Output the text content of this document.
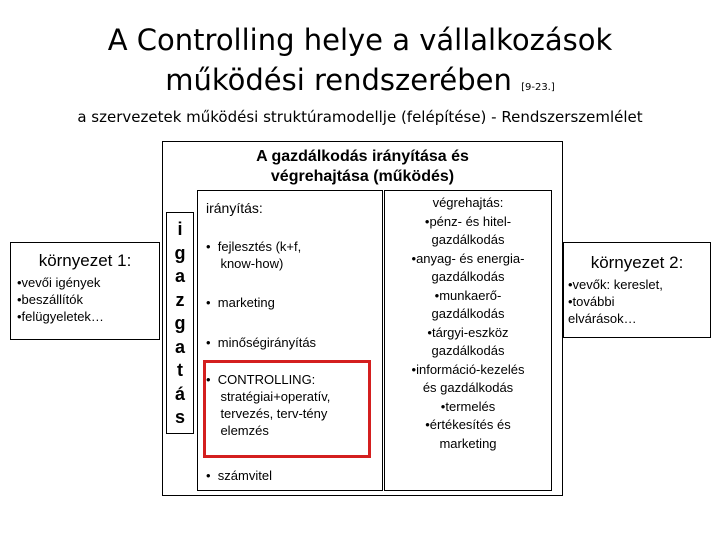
A Controlling helye a vállalkozások
működési rendszerében [9-23.]
a szervezetek működési struktúramodellje (felépítése) - Rendszerszemlélet
A gazdálkodás irányítása és
végrehajtása (működés)
környezet 1:
•vevői igények
•beszállítók
•felügyeletek…
i
g
a
z
g
a
t
á
s
irányítás:
•  fejlesztés (k+f,
know-how)
•  marketing
•  minőségirányítás
•  CONTROLLING:
stratégiai+operatív,
tervezés, terv-tény
elemzés
•  számvitel
végrehajtás:
•pénz- és hitel-
gazdálkodás
•anyag- és energia-
gazdálkodás
•munkaerő-
gazdálkodás
•tárgyi-eszköz
gazdálkodás
•információ-kezelés
és gazdálkodás
•termelés
•értékesítés és
marketing
környezet 2:
•vevők: kereslet,
•további
elvárások…
